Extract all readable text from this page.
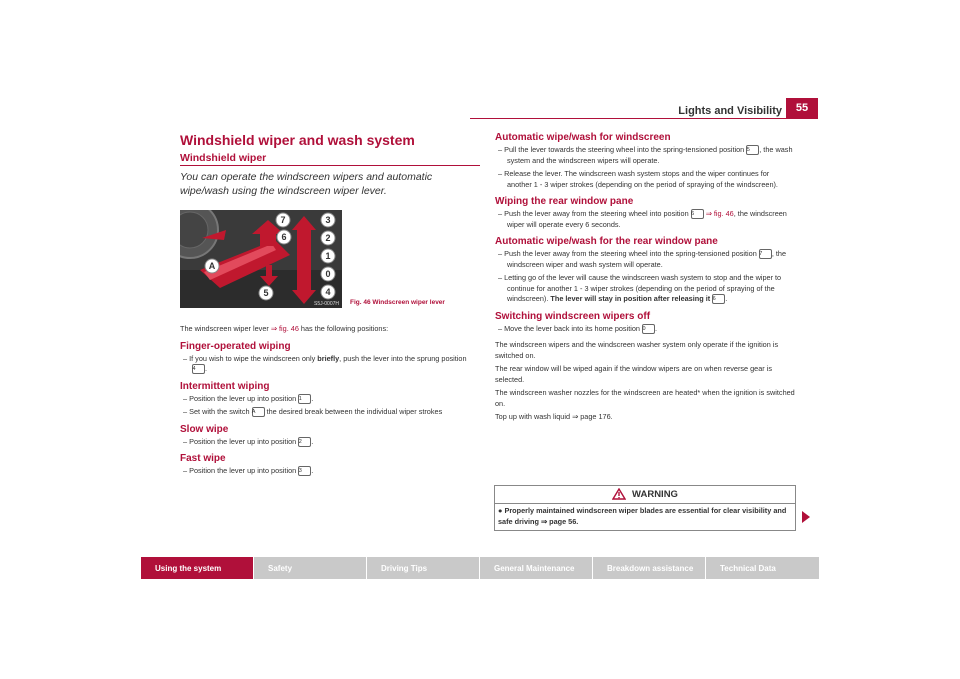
Lights and Visibility	55
Windshield wiper and wash system
Windshield wiper
You can operate the windscreen wipers and automatic wipe/wash using the windscreen wiper lever.
7
6
3
2
1
0
4
5
A
S5J-0007H Fig. 46 Windscreen wiper lever
The windscreen wiper lever ⇒ fig. 46 has the following positions:
Finger-operated wiping
– If you wish to wipe the windscreen only briefly, push the lever into the sprung position 4 .
Intermittent wiping
– Position the lever up into position 1 .
– Set with the switch A the desired break between the individual wiper strokes
Slow wipe
– Position the lever up into position 2 .
Fast wipe
– Position the lever up into position 3 .
Automatic wipe/wash for windscreen
– Pull the lever towards the steering wheel into the spring-tensioned position 5 , the wash system and the windscreen wipers will operate.
– Release the lever. The windscreen wash system stops and the wiper continues for another 1 - 3 wiper strokes (depending on the period of spraying of the windscreen).
Wiping the rear window pane
– Push the lever away from the steering wheel into position 6 ⇒ fig. 46, the windscreen wiper will operate every 6 seconds.
Automatic wipe/wash for the rear window pane
– Push the lever away from the steering wheel into the spring-tensioned position 7 , the windscreen wiper and wash system will operate.
– Letting go of the lever will cause the windscreen wash system to stop and the wiper to continue for another 1 - 3 wiper strokes (depending on the period of spraying of the windscreen). The lever will stay in position after releasing it 6 .
Switching windscreen wipers off
– Move the lever back into its home position 0 .
The windscreen wipers and the windscreen washer system only operate if the ignition is switched on.
The rear window will be wiped again if the window wipers are on when reverse gear is selected.
The windscreen washer nozzles for the windscreen are heated* when the ignition is switched on.
Top up with wash liquid ⇒ page 176.
WARNING
● Properly maintained windscreen wiper blades are essential for clear visibility and safe driving ⇒ page 56.
Using the system	Safety	Driving Tips	General Maintenance	Breakdown assistance	Technical Data
